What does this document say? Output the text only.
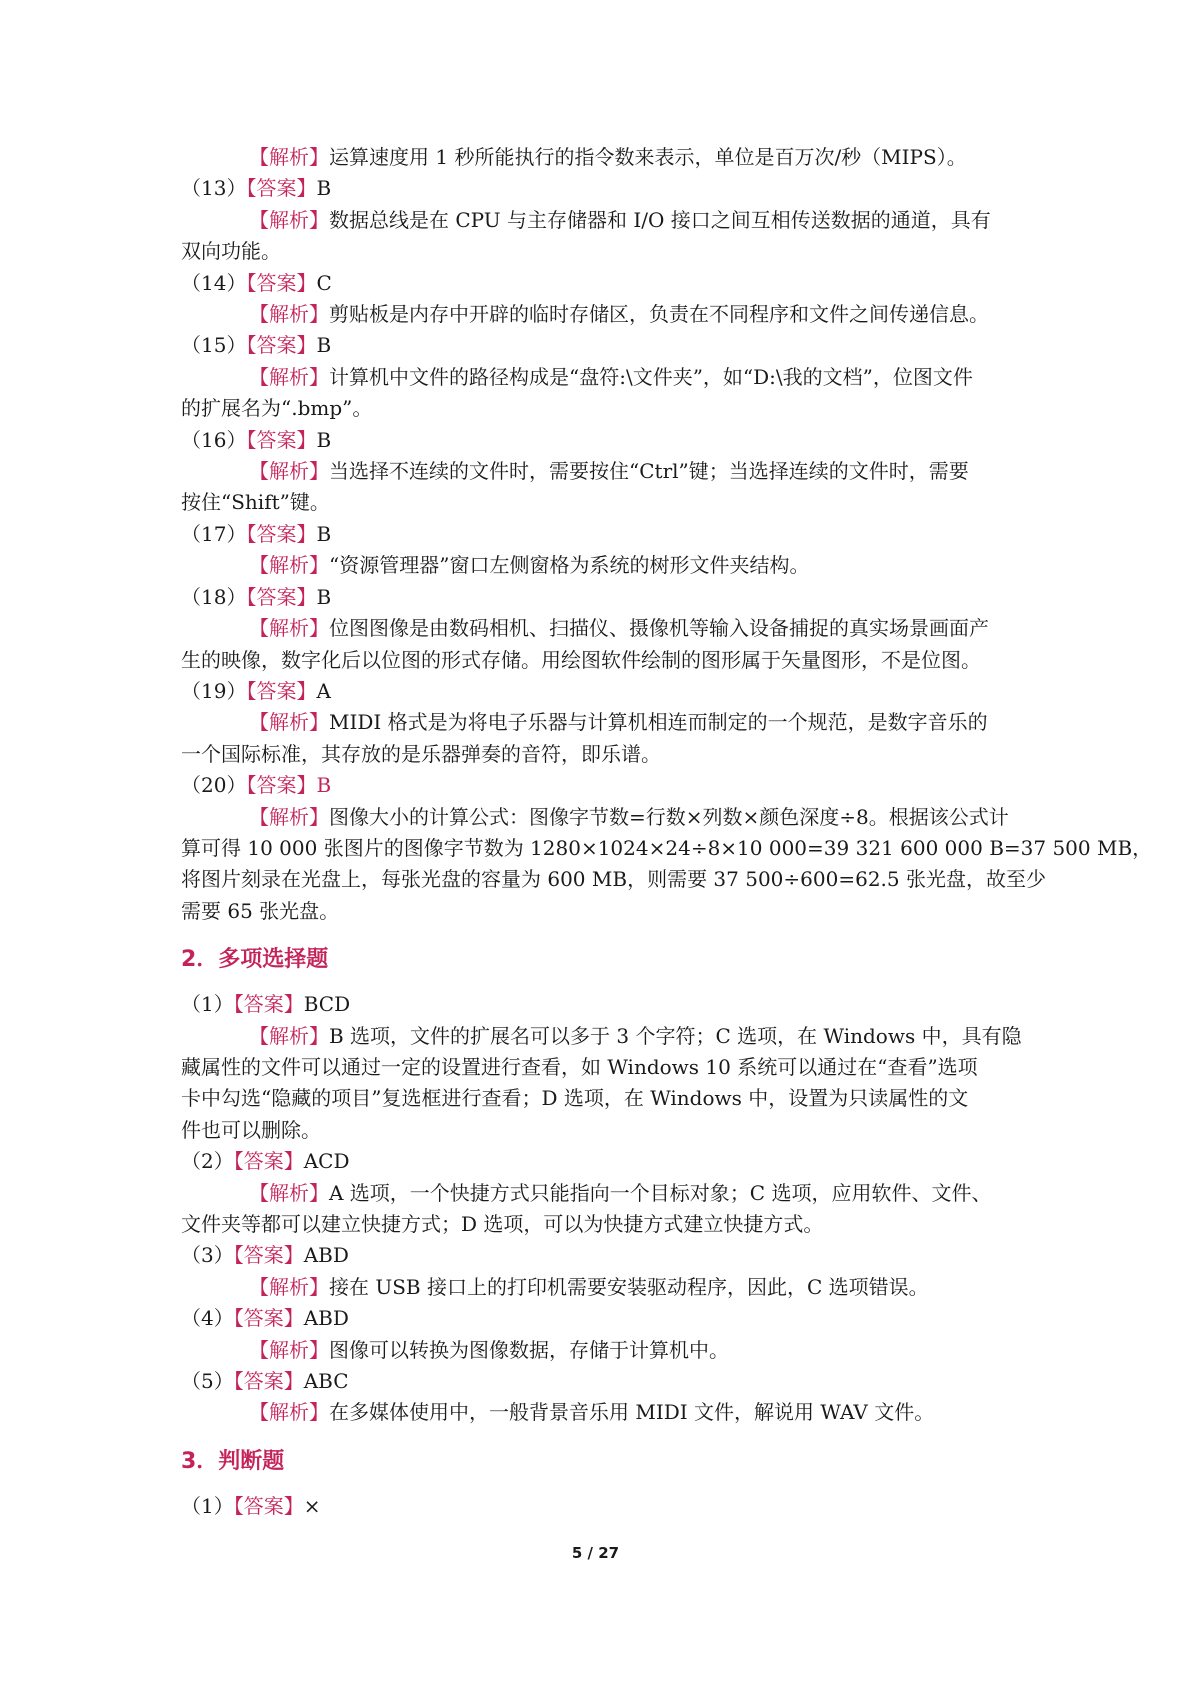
【解析】运算速度用 1 秒所能执行的指令数来表示，单位是百万次/秒（MIPS）。
（13）【答案】B
【解析】数据总线是在 CPU 与主存储器和 I/O 接口之间互相传送数据的通道，具有
双向功能。
（14）【答案】C
【解析】剪贴板是内存中开辟的临时存储区，负责在不同程序和文件之间传递信息。
（15）【答案】B
【解析】计算机中文件的路径构成是“盘符:\文件夹”，如“D:\我的文档”，位图文件
的扩展名为“.bmp”。
（16）【答案】B
【解析】当选择不连续的文件时，需要按住“Ctrl”键；当选择连续的文件时，需要
按住“Shift”键。
（17）【答案】B
【解析】“资源管理器”窗口左侧窗格为系统的树形文件夹结构。
（18）【答案】B
【解析】位图图像是由数码相机、扫描仪、摄像机等输入设备捕捉的真实场景画面产
生的映像，数字化后以位图的形式存储。用绘图软件绘制的图形属于矢量图形，不是位图。
（19）【答案】A
【解析】MIDI 格式是为将电子乐器与计算机相连而制定的一个规范，是数字音乐的
一个国际标准，其存放的是乐器弹奏的音符，即乐谱。
（20）【答案】B
【解析】图像大小的计算公式：图像字节数=行数×列数×颜色深度÷8。根据该公式计
算可得 10 000 张图片的图像字节数为 1280×1024×24÷8×10 000=39 321 600 000 B=37 500 MB，
将图片刻录在光盘上，每张光盘的容量为 600 MB，则需要 37 500÷600=62.5 张光盘，故至少
需要 65 张光盘。
2．多项选择题
（1）【答案】BCD
【解析】B 选项，文件的扩展名可以多于 3 个字符；C 选项，在 Windows 中，具有隐
藏属性的文件可以通过一定的设置进行查看，如 Windows 10 系统可以通过在“查看”选项
卡中勾选“隐藏的项目”复选框进行查看；D 选项，在 Windows 中，设置为只读属性的文
件也可以删除。
（2）【答案】ACD
【解析】A 选项，一个快捷方式只能指向一个目标对象；C 选项，应用软件、文件、
文件夹等都可以建立快捷方式；D 选项，可以为快捷方式建立快捷方式。
（3）【答案】ABD
【解析】接在 USB 接口上的打印机需要安装驱动程序，因此，C 选项错误。
（4）【答案】ABD
【解析】图像可以转换为图像数据，存储于计算机中。
（5）【答案】ABC
【解析】在多媒体使用中，一般背景音乐用 MIDI 文件，解说用 WAV 文件。
3．判断题
（1）【答案】×
5 / 27
